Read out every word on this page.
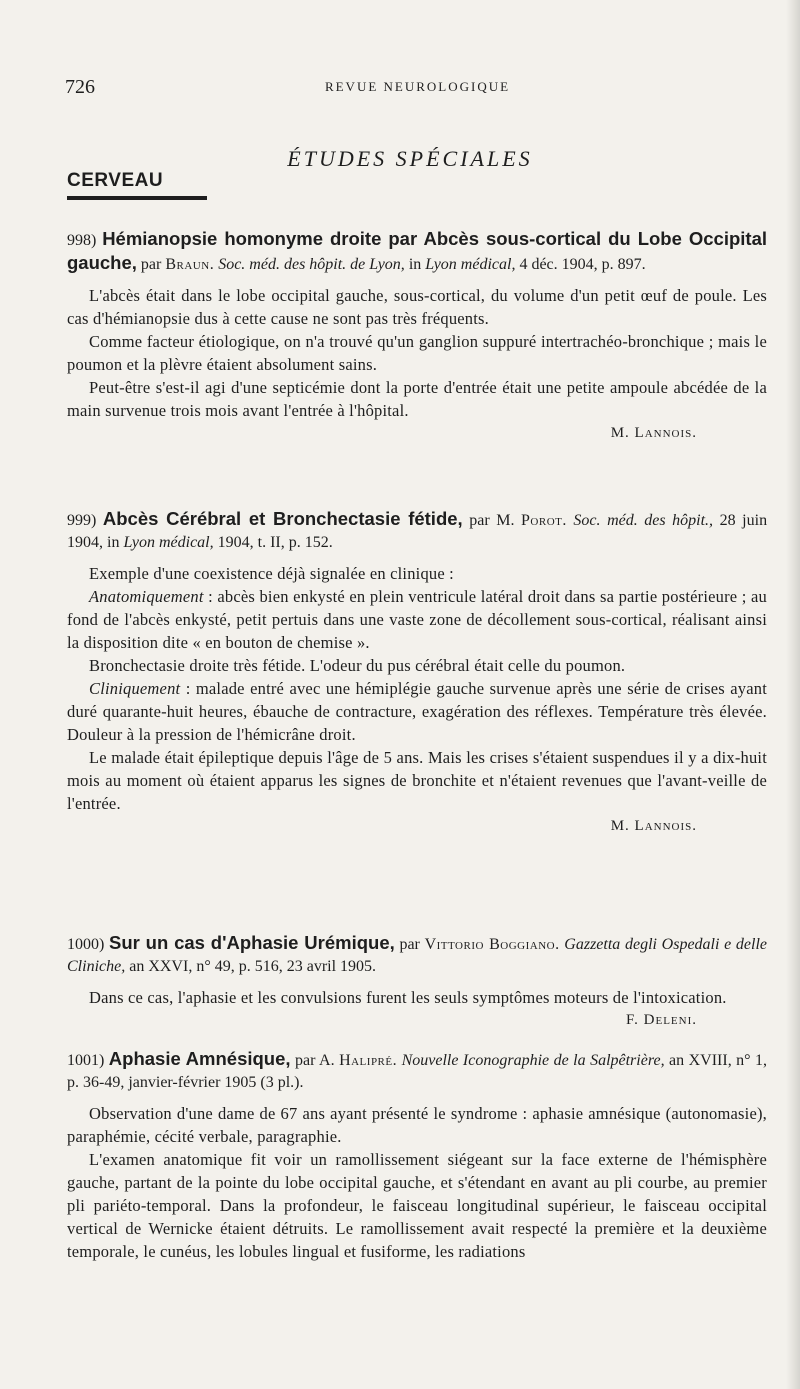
726	REVUE NEUROLOGIQUE
ÉTUDES SPÉCIALES
CERVEAU

998) Hémianopsie homonyme droite par Abcès sous-cortical du Lobe Occipital gauche, par Braun. Soc. méd. des hôpit. de Lyon, in Lyon médical, 4 déc. 1904, p. 897.

L'abcès était dans le lobe occipital gauche, sous-cortical, du volume d'un petit œuf de poule. Les cas d'hémianopsie dus à cette cause ne sont pas très fréquents.

Comme facteur étiologique, on n'a trouvé qu'un ganglion suppuré intertrachéo-bronchique ; mais le poumon et la plèvre étaient absolument sains.

Peut-être s'est-il agi d'une septicémie dont la porte d'entrée était une petite ampoule abcédée de la main survenue trois mois avant l'entrée à l'hôpital.

M. Lannois.

999) Abcès Cérébral et Bronchectasie fétide, par M. Porot. Soc. méd. des hôpit., 28 juin 1904, in Lyon médical, 1904, t. II, p. 152.

Exemple d'une coexistence déjà signalée en clinique :

Anatomiquement : abcès bien enkysté en plein ventricule latéral droit dans sa partie postérieure ; au fond de l'abcès enkysté, petit pertuis dans une vaste zone de décollement sous-cortical, réalisant ainsi la disposition dite « en bouton de chemise ».

Bronchectasie droite très fétide. L'odeur du pus cérébral était celle du poumon.

Cliniquement : malade entré avec une hémiplégie gauche survenue après une série de crises ayant duré quarante-huit heures, ébauche de contracture, exagération des réflexes. Température très élevée. Douleur à la pression de l'hémicrâne droit.

Le malade était épileptique depuis l'âge de 5 ans. Mais les crises s'étaient suspendues il y a dix-huit mois au moment où étaient apparus les signes de bronchite et n'étaient revenues que l'avant-veille de l'entrée.

M. Lannois.

1000) Sur un cas d'Aphasie Urémique, par Vittorio Boggiano. Gazzetta degli Ospedali e delle Cliniche, an XXVI, n° 49, p. 516, 23 avril 1905.

Dans ce cas, l'aphasie et les convulsions furent les seuls symptômes moteurs de l'intoxication.

F. Deleni.

1001) Aphasie Amnésique, par A. Halipré. Nouvelle Iconographie de la Salpêtrière, an XVIII, n° 1, p. 36-49, janvier-février 1905 (3 pl.).

Observation d'une dame de 67 ans ayant présenté le syndrome : aphasie amnésique (autonomasie), paraphémie, cécité verbale, paragraphie.

L'examen anatomique fit voir un ramollissement siégeant sur la face externe de l'hémisphère gauche, partant de la pointe du lobe occipital gauche, et s'étendant en avant au pli courbe, au premier pli pariéto-temporal. Dans la profondeur, le faisceau longitudinal supérieur, le faisceau occipital vertical de Wernicke étaient détruits. Le ramollissement avait respecté la première et la deuxième temporale, le cunéus, les lobules lingual et fusiforme, les radiations
